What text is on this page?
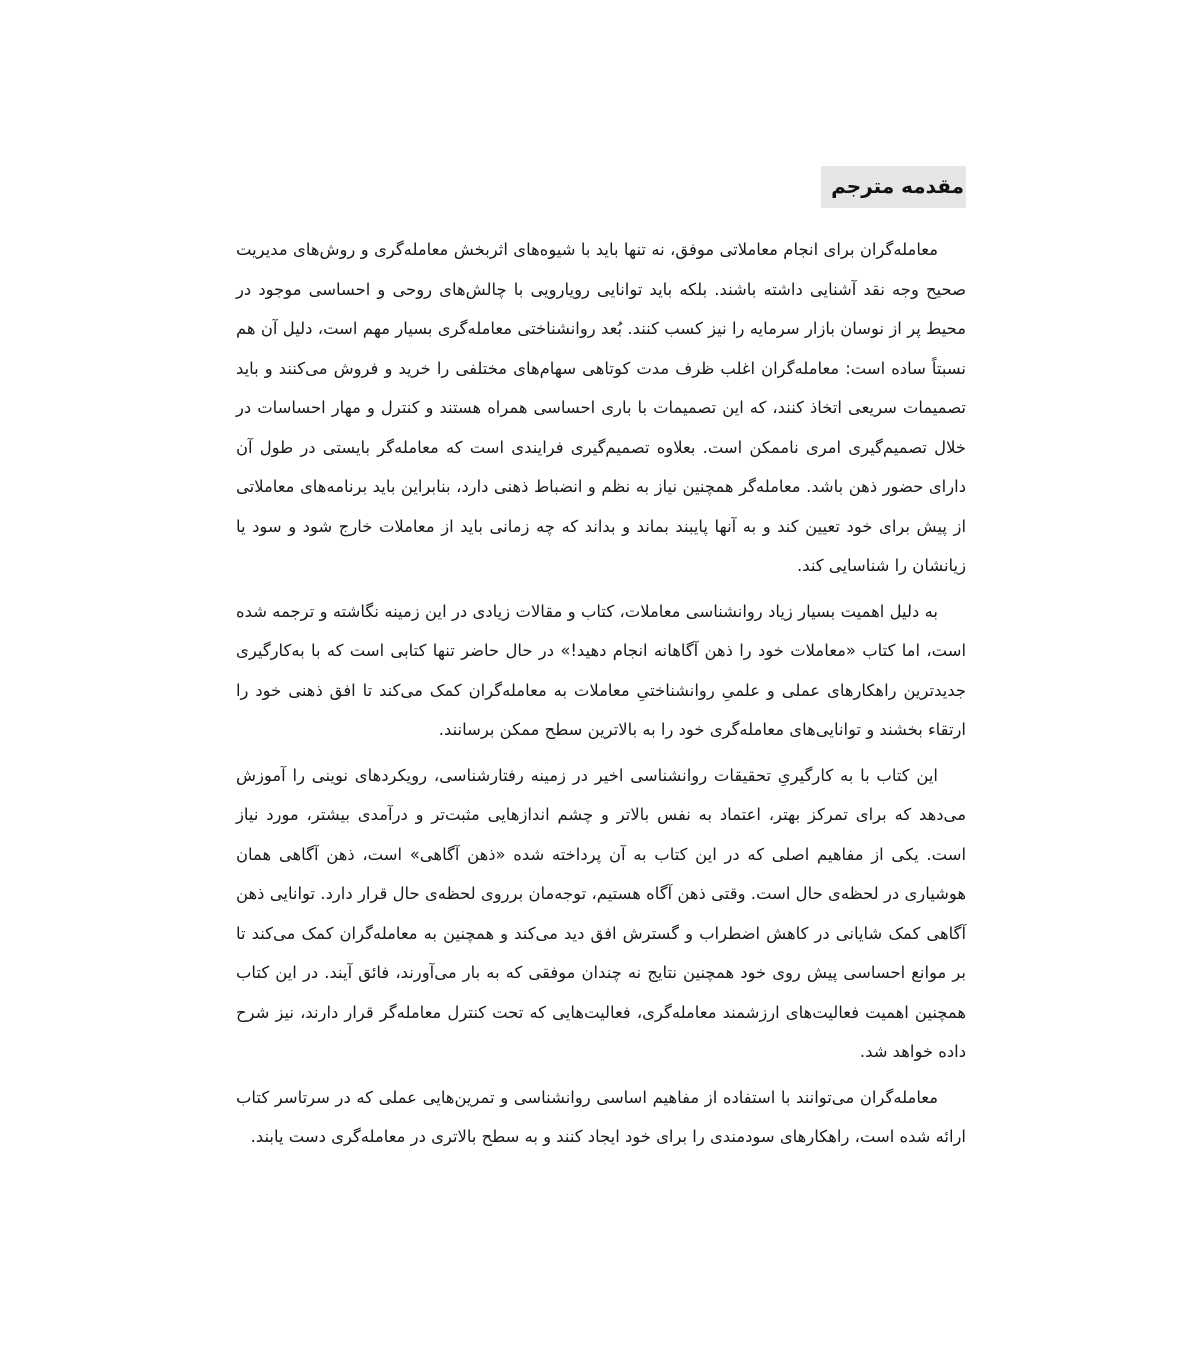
مقدمه مترجم

معامله‌گران برای انجام معاملاتی موفق، نه تنها باید با شیوه‌های اثربخش معامله‌گری و روش‌های مدیریت صحیح وجه نقد آشنایی داشته باشند. بلکه باید توانایی رویارویی با چالش‌های روحی و احساسی موجود در محیط پر از نوسان بازار سرمایه را نیز کسب کنند. بُعد روانشناختی معامله‌گری بسیار مهم است، دلیل آن هم نسبتاً ساده است: معامله‌گران اغلب ظرف مدت کوتاهی سهام‌های مختلفی را خرید و فروش می‌کنند و باید تصمیمات سریعی اتخاذ کنند، که این تصمیمات با باری احساسی همراه هستند و کنترل و مهار احساسات در خلال تصمیم‌گیری امری ناممکن است. بعلاوه تصمیم‌گیری فرایندی است که معامله‌گر بایستی در طول آن دارای حضور ذهن باشد. معامله‌گر همچنین نیاز به نظم و انضباط ذهنی دارد، بنابراین باید برنامه‌های معاملاتی از پیش برای خود تعیین کند و به آنها پایبند بماند و بداند که چه زمانی باید از معاملات خارج شود و سود یا زیانشان را شناسایی کند.

به دلیل اهمیت بسیار زیاد روانشناسی معاملات، کتاب و مقالات زیادی در این زمینه نگاشته و ترجمه شده است، اما کتاب «معاملات خود را ذهن آگاهانه انجام دهید!» در حال حاضر تنها کتابی است که با به‌کارگیری جدیدترین راهکارهای عملی و علمیِ روانشناختیِ معاملات به معامله‌گران کمک می‌کند تا افق ذهنی خود را ارتقاء بخشند و توانایی‌های معامله‌گری خود را به بالاترین سطح ممکن برسانند.

این کتاب با به کارگیریِ تحقیقات روانشناسی اخیر در زمینه رفتارشناسی، رویکردهای نوینی را آموزش می‌دهد که برای تمرکز بهتر، اعتماد به نفس بالاتر و چشم اندازهایی مثبت‌تر و درآمدی بیشتر، مورد نیاز است. یکی از مفاهیم اصلی که در این کتاب به آن پرداخته شده «ذهن آگاهی» است، ذهن آگاهی همان هوشیاری در لحظه‌ی حال است. وقتی ذهن آگاه هستیم، توجه‌مان برروی لحظه‌ی حال قرار دارد. توانایی ذهن آگاهی کمک شایانی در کاهش اضطراب و گسترش افق دید می‌کند و همچنین به معامله‌گران کمک می‌کند تا بر موانع احساسی پیش روی خود همچنین نتایج نه چندان موفقی که به بار می‌آورند، فائق آیند. در این کتاب همچنین اهمیت فعالیت‌های ارزشمند معامله‌گری، فعالیت‌هایی که تحت کنترل معامله‌گر قرار دارند، نیز شرح داده خواهد شد.

معامله‌گران می‌توانند با استفاده از مفاهیم اساسی روانشناسی و تمرین‌هایی عملی که در سرتاسر کتاب ارائه شده است، راهکارهای سودمندی را برای خود ایجاد کنند و به سطح بالاتری در معامله‌گری دست یابند.
